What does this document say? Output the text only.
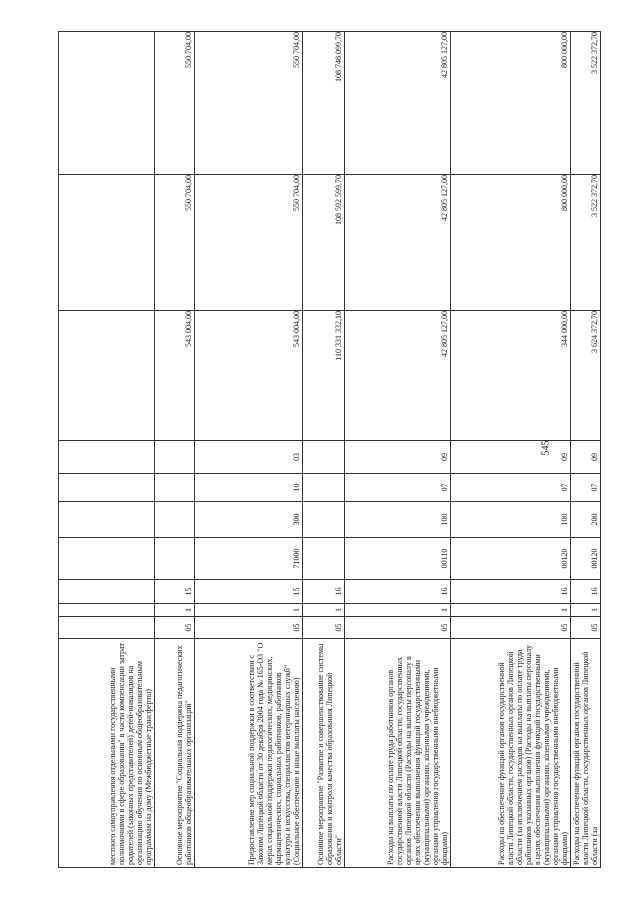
545
местного самоуправления отдельными государственными полномочиями в сфере образования" в части компенсации затрат родителей (законных представителей) детей-инвалидов на организацию обучения по основным общеобразовательным программам на дому (Межбюджетные трансферты)										
Основное мероприятие "Социальная поддержка педагогических работников общеобразовательных организаций"	05	1	15					543 004,00	550 704,00	550 704,00
Предоставление мер социальной поддержки в соответствии с Законом Липецкой области от 30 декабря 2004 года № 165-ОЗ "О мерах социальной поддержки педагогических, медицинских, фармацевтических, социальных работников, работников культуры и искусства, специалистов ветеринарных служб" (Социальное обеспечение и иные выплаты населению)	05	1	15	71000	300	10	03	543 004,00	550 704,00	550 704,00
Основное мероприятие "Развитие и совершенствование системы образования и контроля качества образования Липецкой области"	05	1	16					110 331 332,10	108 592 599,70	108 748 099,70
Расходы на выплаты по оплате труда работников органов государственной власти Липецкой области, государственных органов Липецкой области (Расходы на выплаты персоналу в целях обеспечения выполнения функций государственными (муниципальными) органами, казенными учреждениями, органами управления государственными внебюджетными фондами)	05	1	16	00110	100	07	09	42 805 127,00	42 805 127,00	42 805 127,00
Расходы на обеспечение функций органов государственной власти Липецкой области, государственных органов Липецкой области (за исключением расходов на выплаты по оплате труда работников указанных органов) (Расходы на выплаты персоналу в целях обеспечения выполнения функций государственными (муниципальными) органами, казенными учреждениями, органами управления государственными внебюджетными фондами)	05	1	16	00120	100	07	09	344 000,00	800 000,00	800 000,00
Расходы на обеспечение функций органов государственной власти Липецкой области, государственных органов Липецкой области (за	05	1	16	00120	200	07	09	3 624 372,70	3 522 372,70	3 522 372,70
